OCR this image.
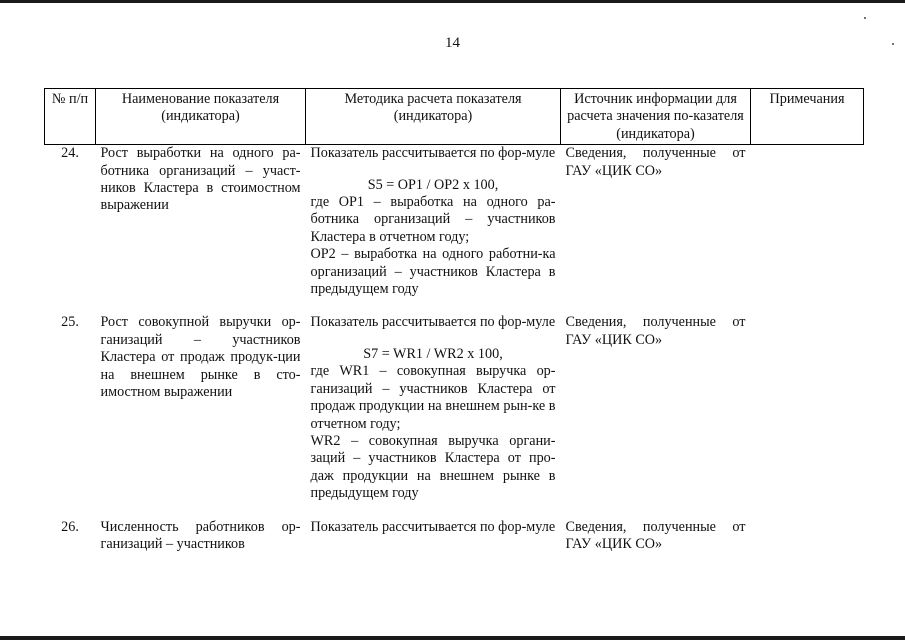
14
№ п/п	Наименование показателя (индикатора)	Методика расчета показателя (индикатора)	Источник информации для расчета значения по-казателя (индикатора)	Примечания
24.	Рост выработки на одного ра-ботника организаций – участ-ников Кластера в стоимостном выражении	Показатель рассчитывается по фор-муле
S5 = OP1 / OP2 x 100,
где OP1 – выработка на одного ра-ботника организаций – участников Кластера в отчетном году;
OP2 – выработка на одного работни-ка организаций – участников Кластера в предыдущем году	Сведения, полученные от ГАУ «ЦИК СО»	
25.	Рост совокупной выручки ор-ганизаций – участников Кластера от продаж продук-ции на внешнем рынке в сто-имостном выражении	Показатель рассчитывается по фор-муле
S7 = WR1 / WR2 x 100,
где WR1 – совокупная выручка ор-ганизаций – участников Кластера от продаж продукции на внешнем рын-ке в отчетном году;
WR2 – совокупная выручка органи-заций – участников Кластера от про-даж продукции на внешнем рынке в предыдущем году	Сведения, полученные от ГАУ «ЦИК СО»	
26.	Численность работников ор-ганизаций – участников	Показатель рассчитывается по фор-муле	Сведения, полученные от ГАУ «ЦИК СО»	
